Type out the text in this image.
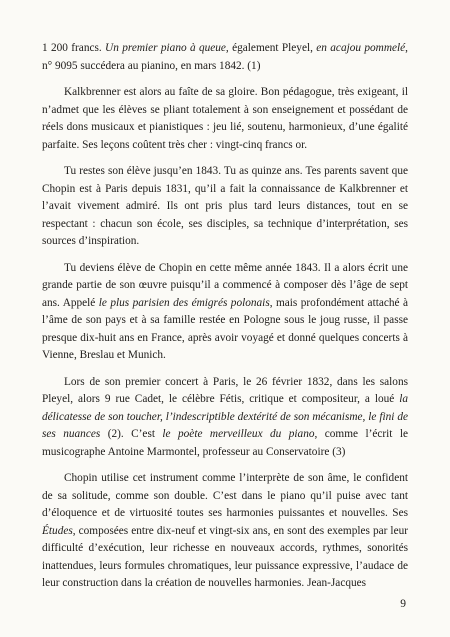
1 200 francs. Un premier piano à queue, également Pleyel, en acajou pommelé, n° 9095 succédera au pianino, en mars 1842. (1)

Kalkbrenner est alors au faîte de sa gloire. Bon pédagogue, très exigeant, il n’admet que les élèves se pliant totalement à son enseignement et possédant de réels dons musicaux et pianistiques : jeu lié, soutenu, harmonieux, d’une égalité parfaite. Ses leçons coûtent très cher : vingt-cinq francs or.

Tu restes son élève jusqu’en 1843. Tu as quinze ans. Tes parents savent que Chopin est à Paris depuis 1831, qu’il a fait la connaissance de Kalkbrenner et l’avait vivement admiré. Ils ont pris plus tard leurs distances, tout en se respectant : chacun son école, ses disciples, sa technique d’interprétation, ses sources d’inspiration.

Tu deviens élève de Chopin en cette même année 1843. Il a alors écrit une grande partie de son œuvre puisqu’il a commencé à composer dès l’âge de sept ans. Appelé le plus parisien des émigrés polonais, mais profondément attaché à l’âme de son pays et à sa famille restée en Pologne sous le joug russe, il passe presque dix-huit ans en France, après avoir voyagé et donné quelques concerts à Vienne, Breslau et Munich.

Lors de son premier concert à Paris, le 26 février 1832, dans les salons Pleyel, alors 9 rue Cadet, le célèbre Fétis, critique et compositeur, a loué la délicatesse de son toucher, l’indescriptible dextérité de son mécanisme, le fini de ses nuances (2). C’est le poète merveilleux du piano, comme l’écrit le musicographe Antoine Marmontel, professeur au Conservatoire (3)

Chopin utilise cet instrument comme l’interprète de son âme, le confident de sa solitude, comme son double. C’est dans le piano qu’il puise avec tant d’éloquence et de virtuosité toutes ses harmonies puissantes et nouvelles. Ses Études, composées entre dix-neuf et vingt-six ans, en sont des exemples par leur difficulté d’exécution, leur richesse en nouveaux accords, rythmes, sonorités inattendues, leurs formules chromatiques, leur puissance expressive, l’audace de leur construction dans la création de nouvelles harmonies. Jean-Jacques

9
